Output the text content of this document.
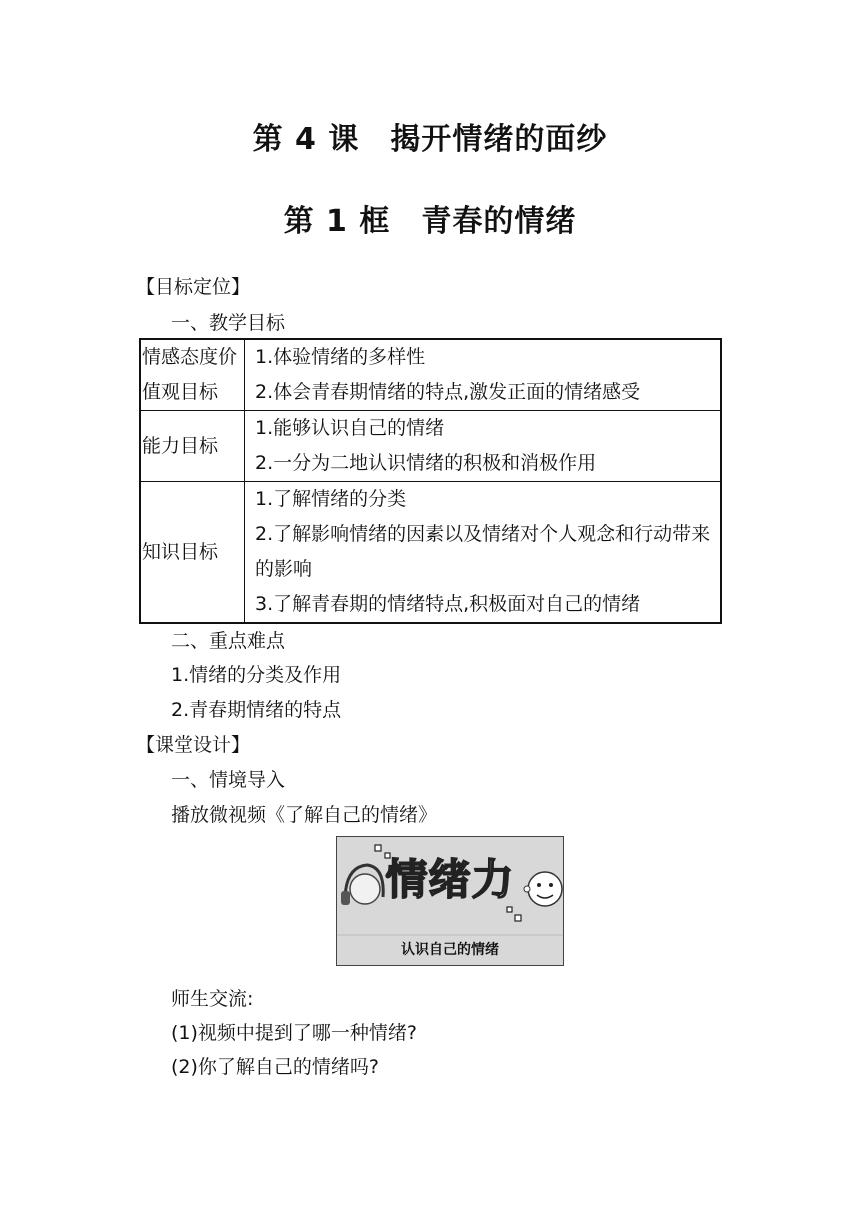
第 4 课　揭开情绪的面纱
第 1 框　青春的情绪
【目标定位】
一、教学目标
情感态度价值观目标	1.体验情绪的多样性
2.体会青春期情绪的特点,激发正面的情绪感受

能力目标	1.能够认识自己的情绪
2.一分为二地认识情绪的积极和消极作用

知识目标	1.了解情绪的分类
2.了解影响情绪的因素以及情绪对个人观念和行动带来的影响
3.了解青春期的情绪特点,积极面对自己的情绪
二、重点难点
1.情绪的分类及作用
2.青春期情绪的特点
【课堂设计】
一、情境导入
播放微视频《了解自己的情绪》
情绪力
认识自己的情绪
师生交流:
(1)视频中提到了哪一种情绪?
(2)你了解自己的情绪吗?
